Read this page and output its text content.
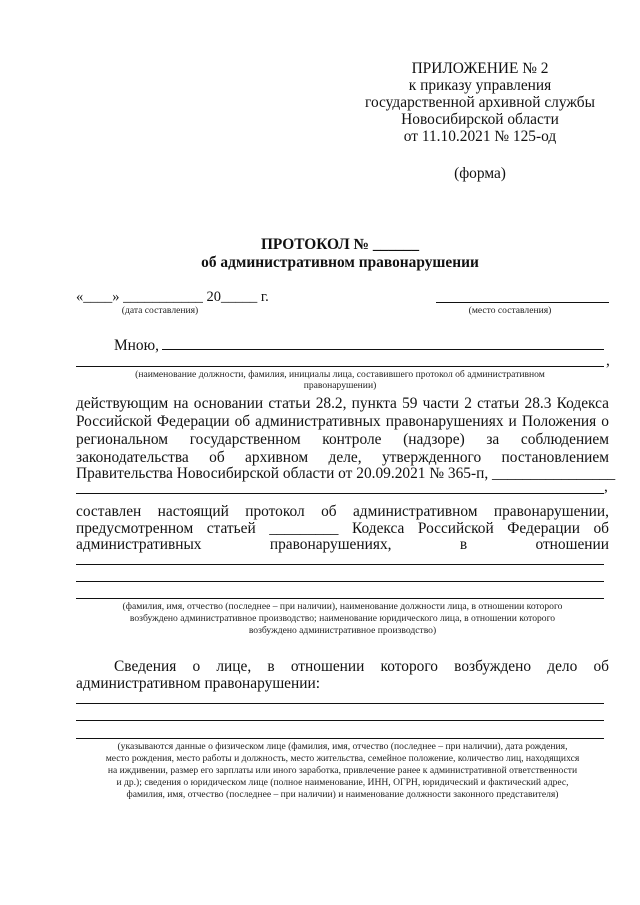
ПРИЛОЖЕНИЕ № 2
к приказу управления
государственной архивной службы
Новосибирской области
от 11.10.2021 № 125-од
(форма)
ПРОТОКОЛ № ______
об административном правонарушении
«____» ___________ 20_____ г.
(дата составления)	(место составления)
Мною,
,
(наименование должности, фамилия, инициалы лица, составившего протокол об административном
правонарушении)
действующим на основании статьи 28.2, пункта 59 части 2 статьи 28.3 Кодекса
Российской Федерации об административных правонарушениях и Положения о
региональном государственном контроле (надзоре) за соблюдением
законодательства об архивном деле, утвержденного постановлением
Правительства Новосибирской области от 20.09.2021 № 365-п, ________________
,
составлен настоящий протокол об административном правонарушении,
предусмотренном статьей _________ Кодекса Российской Федерации об
административных правонарушениях, в отношении
(фамилия, имя, отчество (последнее – при наличии), наименование должности лица, в отношении которого
возбуждено административное производство; наименование юридического лица, в отношении которого
возбуждено административное производство)
Сведения о лице, в отношении которого возбуждено дело об
административном правонарушении:
(указываются данные о физическом лице (фамилия, имя, отчество (последнее – при наличии), дата рождения,
место рождения, место работы и должность, место жительства, семейное положение, количество лиц, находящихся
на иждивении, размер его зарплаты или иного заработка, привлечение ранее к административной ответственности
и др.); сведения о юридическом лице (полное наименование, ИНН, ОГРН, юридический и фактический адрес,
фамилия, имя, отчество (последнее – при наличии) и наименование должности законного представителя)
